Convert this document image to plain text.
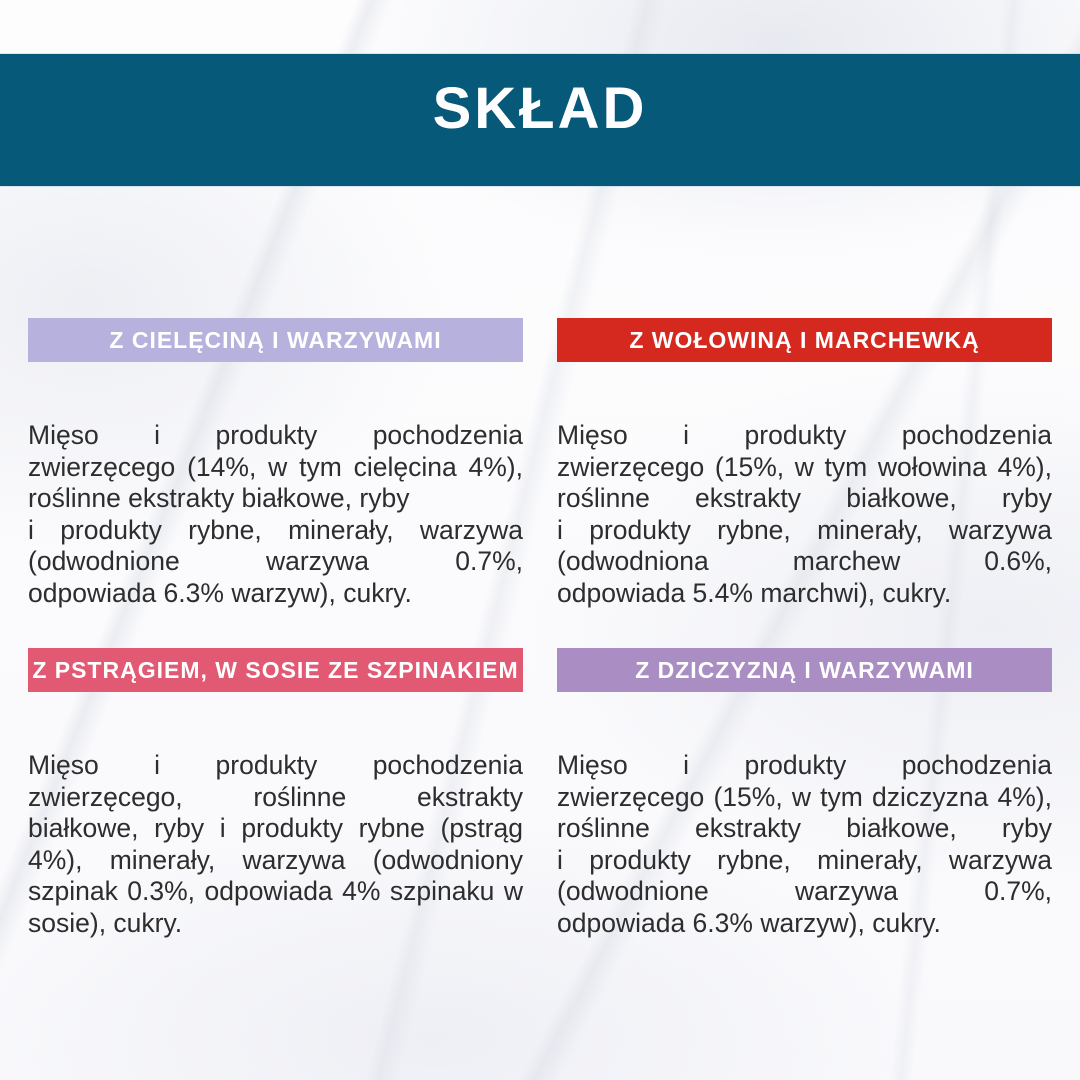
SKŁAD
Z CIELĘCINĄ I WARZYWAMI
Mięso i produkty pochodzenia
zwierzęcego (14%, w tym cielęcina 4%),
roślinne ekstrakty białkowe, ryby
i produkty rybne, minerały, warzywa
(odwodnione warzywa 0.7%,
odpowiada 6.3% warzyw), cukry.
Z WOŁOWINĄ I MARCHEWKĄ
Mięso i produkty pochodzenia
zwierzęcego (15%, w tym wołowina 4%),
roślinne ekstrakty białkowe, ryby
i produkty rybne, minerały, warzywa
(odwodniona marchew 0.6%,
odpowiada 5.4% marchwi), cukry.
Z PSTRĄGIEM, W SOSIE ZE SZPINAKIEM
Mięso i produkty pochodzenia
zwierzęcego, roślinne ekstrakty
białkowe, ryby i produkty rybne (pstrąg
4%), minerały, warzywa (odwodniony
szpinak 0.3%, odpowiada 4% szpinaku w
sosie), cukry.
Z DZICZYZNĄ I WARZYWAMI
Mięso i produkty pochodzenia
zwierzęcego (15%, w tym dziczyzna 4%),
roślinne ekstrakty białkowe, ryby
i produkty rybne, minerały, warzywa
(odwodnione warzywa 0.7%,
odpowiada 6.3% warzyw), cukry.
